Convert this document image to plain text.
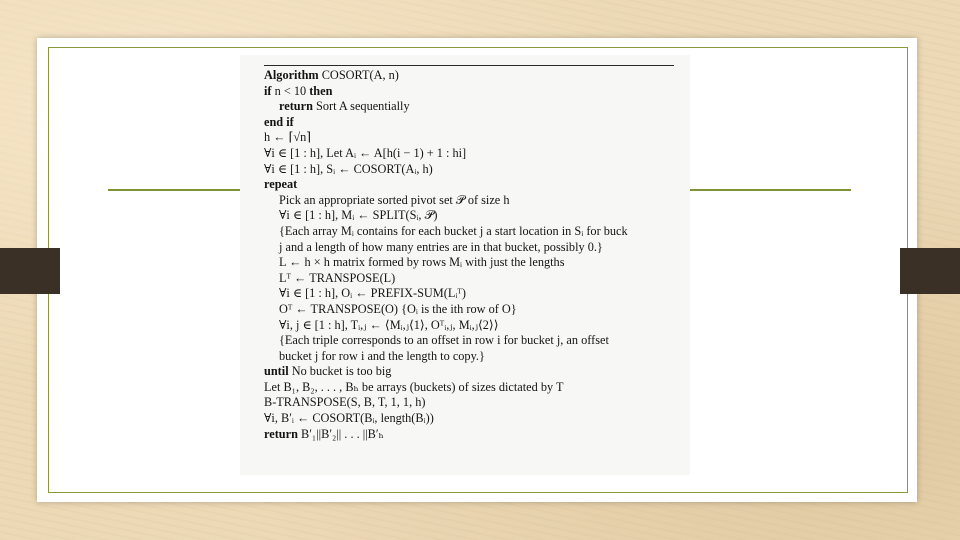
Algorithm COSORT(A, n)
if n < 10 then
return Sort A sequentially
end if
h ← ⌈√n⌉
∀i ∈ [1 : h], Let Aᵢ ← A[h(i − 1) + 1 : hi]
∀i ∈ [1 : h], Sᵢ ← COSORT(Aᵢ, h)
repeat
Pick an appropriate sorted pivot set 𝒫 of size h
∀i ∈ [1 : h], Mᵢ ← SPLIT(Sᵢ, 𝒫)
{Each array Mᵢ contains for each bucket j a start location in Sᵢ for buck
j and a length of how many entries are in that bucket, possibly 0.}
L ← h × h matrix formed by rows Mᵢ with just the lengths
Lᵀ ← TRANSPOSE(L)
∀i ∈ [1 : h], Oᵢ ← PREFIX-SUM(Lᵢᵀ)
Oᵀ ← TRANSPOSE(O) {Oᵢ is the ith row of O}
∀i, j ∈ [1 : h], Tᵢ,ⱼ ← ⟨Mᵢ,ⱼ⟨1⟩, Oᵀᵢ,ⱼ, Mᵢ,ⱼ⟨2⟩⟩
{Each triple corresponds to an offset in row i for bucket j, an offset
bucket j for row i and the length to copy.}
until No bucket is too big
Let B₁, B₂, . . . , Bₕ be arrays (buckets) of sizes dictated by T
B-TRANSPOSE(S, B, T, 1, 1, h)
∀i, B′ᵢ ← COSORT(Bᵢ, length(Bᵢ))
return B′₁||B′₂|| . . . ||B′ₕ
